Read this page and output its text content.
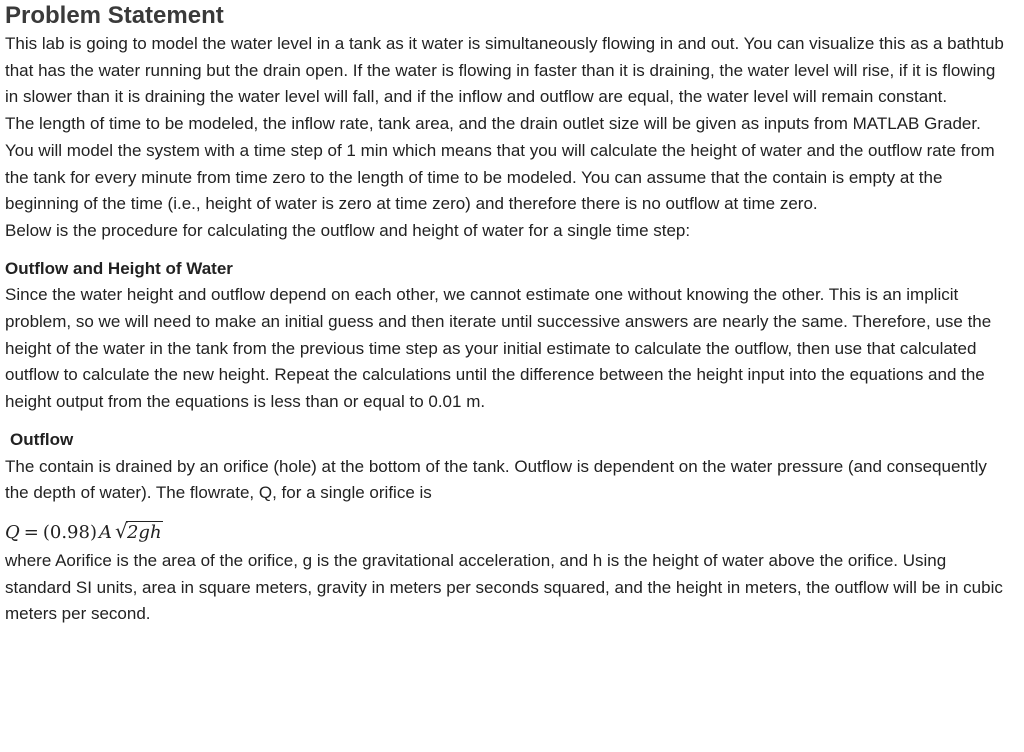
Problem Statement

This lab is going to model the water level in a tank as it water is simultaneously flowing in and out. You can visualize this as a bathtub that has the water running but the drain open. If the water is flowing in faster than it is draining, the water level will rise, if it is flowing in slower than it is draining the water level will fall, and if the inflow and outflow are equal, the water level will remain constant.

The length of time to be modeled, the inflow rate, tank area, and the drain outlet size will be given as inputs from MATLAB Grader. You will model the system with a time step of 1 min which means that you will calculate the height of water and the outflow rate from the tank for every minute from time zero to the length of time to be modeled. You can assume that the contain is empty at the beginning of the time (i.e., height of water is zero at time zero) and therefore there is no outflow at time zero.

Below is the procedure for calculating the outflow and height of water for a single time step:

Outflow and Height of Water

Since the water height and outflow depend on each other, we cannot estimate one without knowing the other. This is an implicit problem, so we will need to make an initial guess and then iterate until successive answers are nearly the same. Therefore, use the height of the water in the tank from the previous time step as your initial estimate to calculate the outflow, then use that calculated outflow to calculate the new height. Repeat the calculations until the difference between the height input into the equations and the height output from the equations is less than or equal to 0.01 m.

Outflow

The contain is drained by an orifice (hole) at the bottom of the tank. Outflow is dependent on the water pressure (and consequently the depth of water). The flowrate, Q, for a single orifice is

Q = (0.98) A √ 2gh

where Aorifice is the area of the orifice, g is the gravitational acceleration, and h is the height of water above the orifice. Using standard SI units, area in square meters, gravity in meters per seconds squared, and the height in meters, the outflow will be in cubic meters per second.
